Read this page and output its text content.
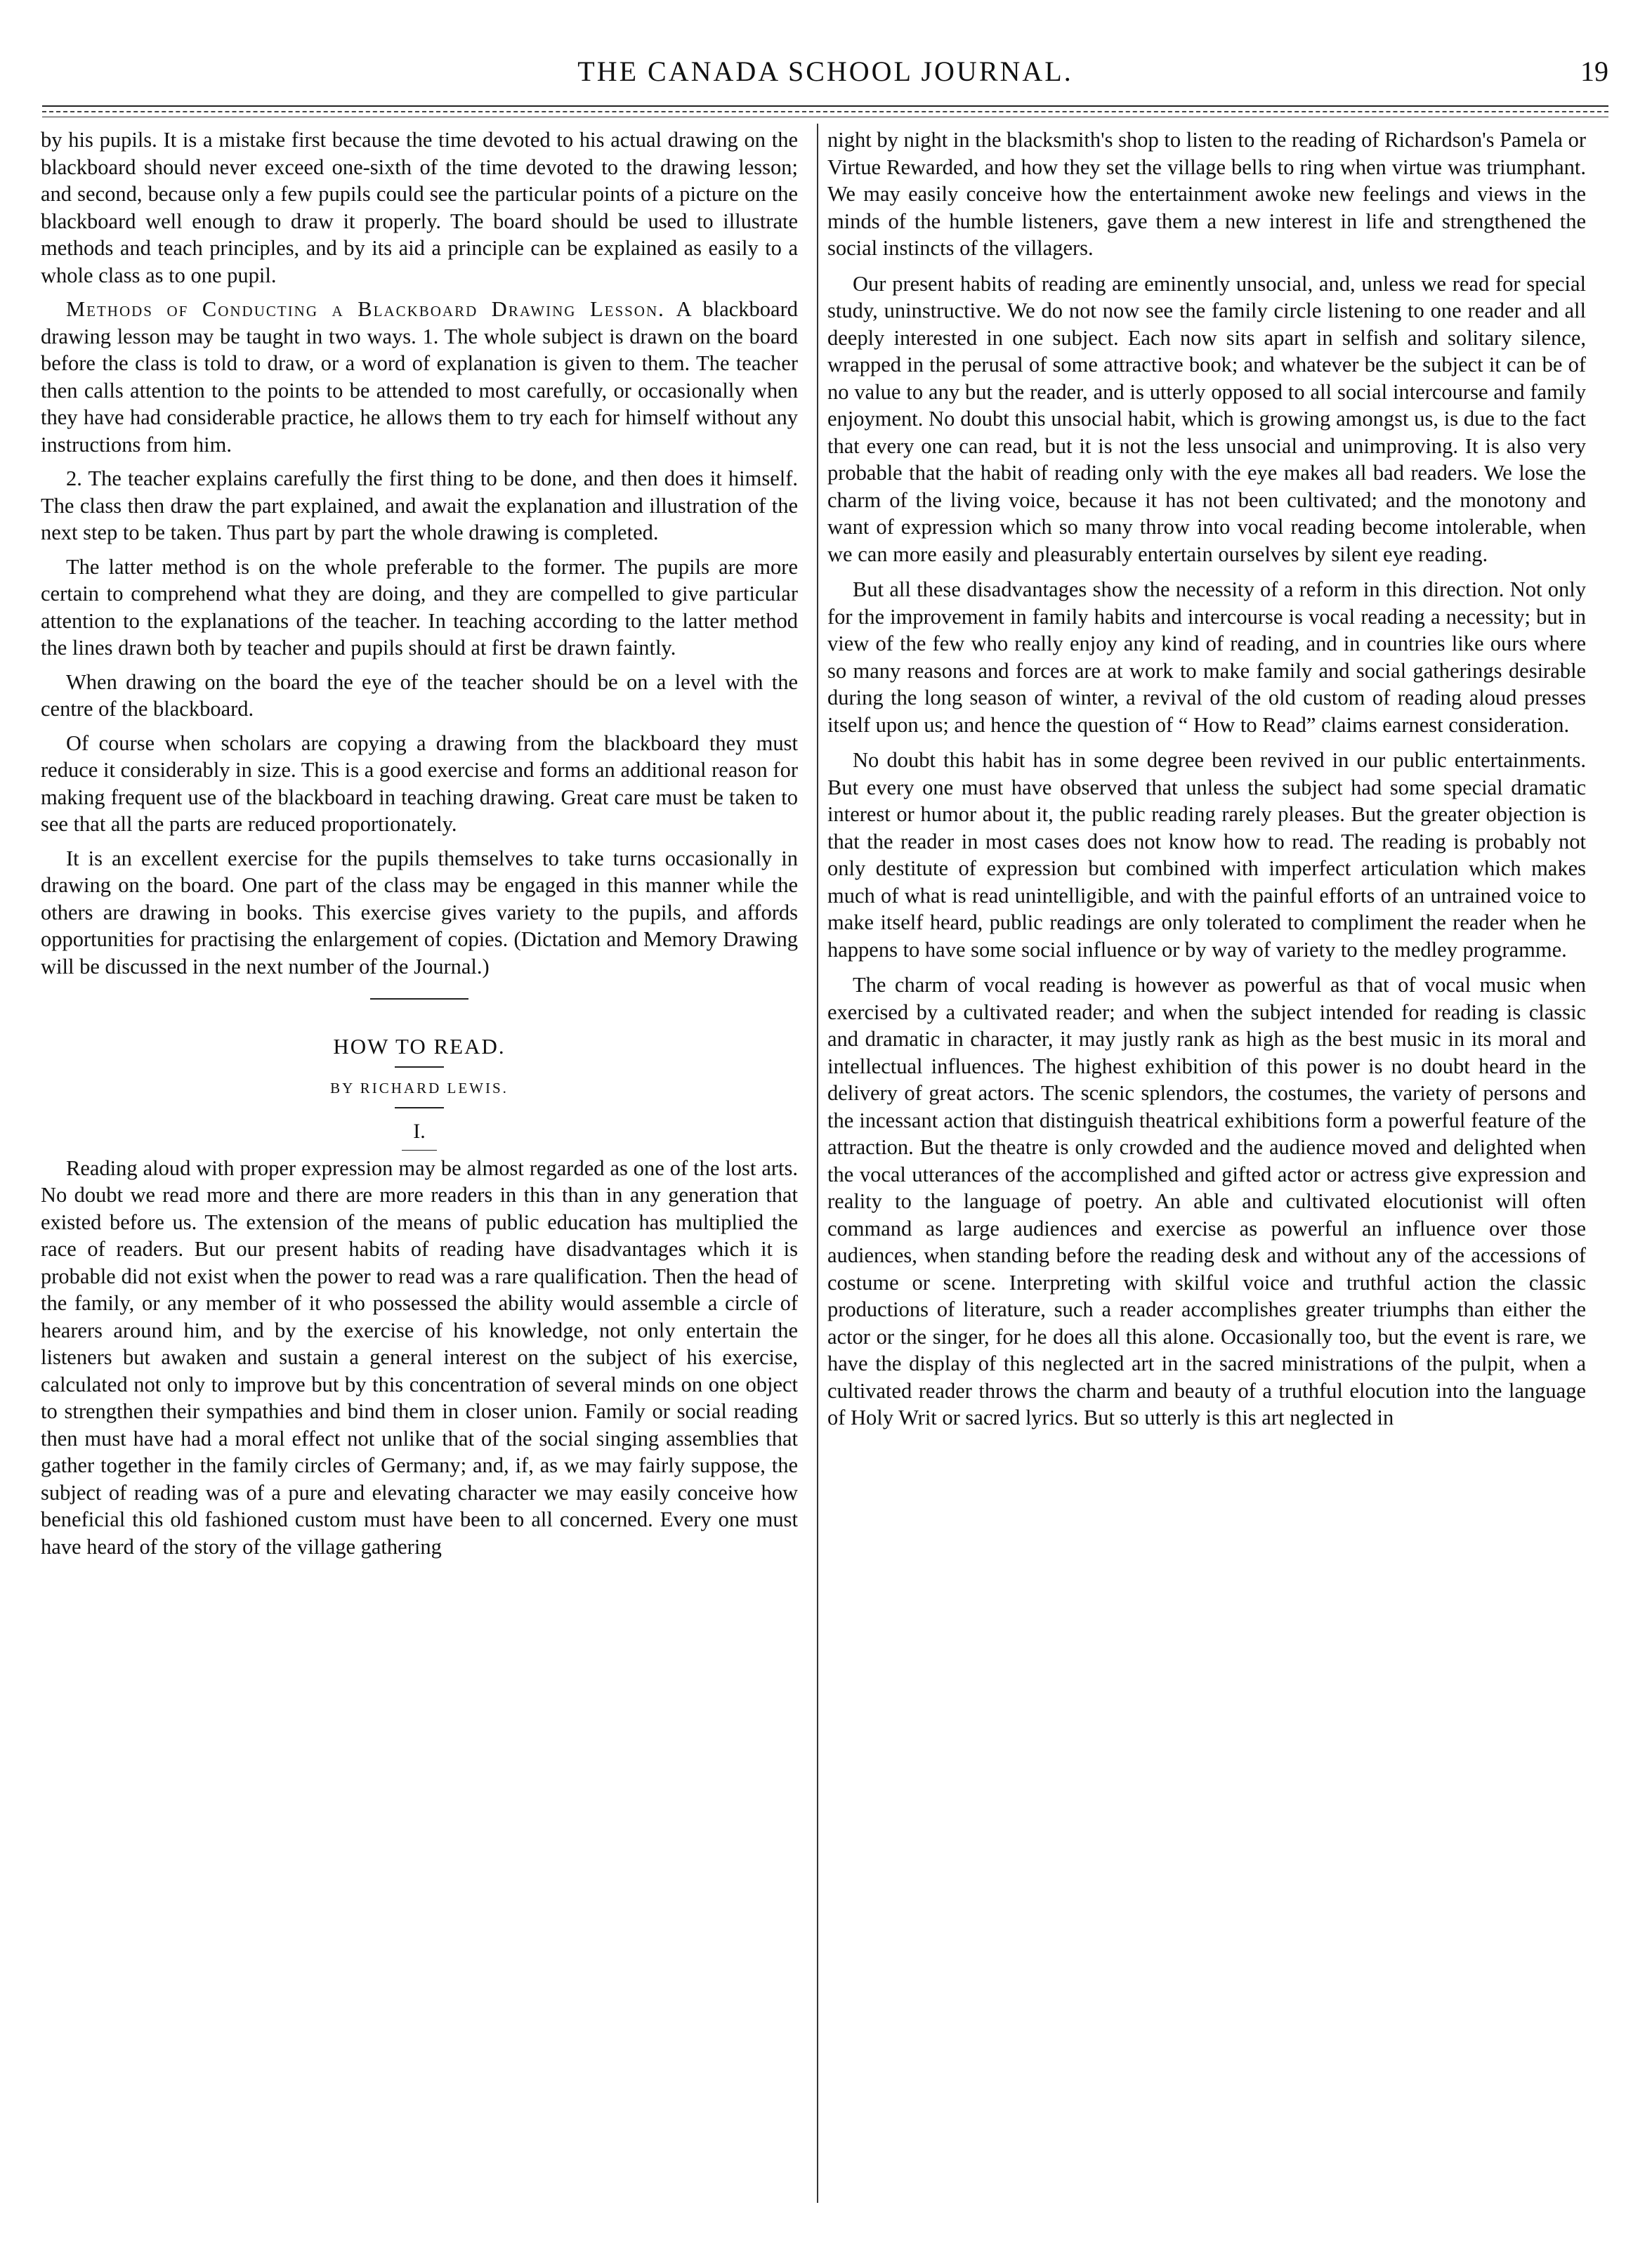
THE CANADA SCHOOL JOURNAL.	19

by his pupils. It is a mistake first because the time devoted to his actual drawing on the blackboard should never exceed one-sixth of the time devoted to the drawing lesson; and second, because only a few pupils could see the particular points of a picture on the blackboard well enough to draw it properly. The board should be used to illustrate methods and teach principles, and by its aid a principle can be explained as easily to a whole class as to one pupil.

Methods of Conducting a Blackboard Drawing Lesson. A blackboard drawing lesson may be taught in two ways. 1. The whole subject is drawn on the board before the class is told to draw, or a word of explanation is given to them. The teacher then calls attention to the points to be attended to most carefully, or occasionally when they have had considerable practice, he allows them to try each for himself without any instructions from him.

2. The teacher explains carefully the first thing to be done, and then does it himself. The class then draw the part explained, and await the explanation and illustration of the next step to be taken. Thus part by part the whole drawing is completed.

The latter method is on the whole preferable to the former. The pupils are more certain to comprehend what they are doing, and they are compelled to give particular attention to the explanations of the teacher. In teaching according to the latter method the lines drawn both by teacher and pupils should at first be drawn faintly.

When drawing on the board the eye of the teacher should be on a level with the centre of the blackboard.

Of course when scholars are copying a drawing from the blackboard they must reduce it considerably in size. This is a good exercise and forms an additional reason for making frequent use of the blackboard in teaching drawing. Great care must be taken to see that all the parts are reduced proportionately.

It is an excellent exercise for the pupils themselves to take turns occasionally in drawing on the board. One part of the class may be engaged in this manner while the others are drawing in books. This exercise gives variety to the pupils, and affords opportunities for practising the enlargement of copies. (Dictation and Memory Drawing will be discussed in the next number of the Journal.)

HOW TO READ.
BY RICHARD LEWIS.
I.

Reading aloud with proper expression may be almost regarded as one of the lost arts. No doubt we read more and there are more readers in this than in any generation that existed before us. The extension of the means of public education has multiplied the race of readers. But our present habits of reading have disadvantages which it is probable did not exist when the power to read was a rare qualification. Then the head of the family, or any member of it who possessed the ability would assemble a circle of hearers around him, and by the exercise of his knowledge, not only entertain the listeners but awaken and sustain a general interest on the subject of his exercise, calculated not only to improve but by this concentration of several minds on one object to strengthen their sympathies and bind them in closer union. Family or social reading then must have had a moral effect not unlike that of the social singing assemblies that gather together in the family circles of Germany; and, if, as we may fairly suppose, the subject of reading was of a pure and elevating character we may easily conceive how beneficial this old fashioned custom must have been to all concerned. Every one must have heard of the story of the village gathering

night by night in the blacksmith's shop to listen to the reading of Richardson's Pamela or Virtue Rewarded, and how they set the village bells to ring when virtue was triumphant. We may easily conceive how the entertainment awoke new feelings and views in the minds of the humble listeners, gave them a new interest in life and strengthened the social instincts of the villagers.

Our present habits of reading are eminently unsocial, and, unless we read for special study, uninstructive. We do not now see the family circle listening to one reader and all deeply interested in one subject. Each now sits apart in selfish and solitary silence, wrapped in the perusal of some attractive book; and whatever be the subject it can be of no value to any but the reader, and is utterly opposed to all social intercourse and family enjoyment. No doubt this unsocial habit, which is growing amongst us, is due to the fact that every one can read, but it is not the less unsocial and unimproving. It is also very probable that the habit of reading only with the eye makes all bad readers. We lose the charm of the living voice, because it has not been cultivated; and the monotony and want of expression which so many throw into vocal reading become intolerable, when we can more easily and pleasurably entertain ourselves by silent eye reading.

But all these disadvantages show the necessity of a reform in this direction. Not only for the improvement in family habits and intercourse is vocal reading a necessity; but in view of the few who really enjoy any kind of reading, and in countries like ours where so many reasons and forces are at work to make family and social gatherings desirable during the long season of winter, a revival of the old custom of reading aloud presses itself upon us; and hence the question of “ How to Read” claims earnest consideration.

No doubt this habit has in some degree been revived in our public entertainments. But every one must have observed that unless the subject had some special dramatic interest or humor about it, the public reading rarely pleases. But the greater objection is that the reader in most cases does not know how to read. The reading is probably not only destitute of expression but combined with imperfect articulation which makes much of what is read unintelligible, and with the painful efforts of an untrained voice to make itself heard, public readings are only tolerated to compliment the reader when he happens to have some social influence or by way of variety to the medley programme.

The charm of vocal reading is however as powerful as that of vocal music when exercised by a cultivated reader; and when the subject intended for reading is classic and dramatic in character, it may justly rank as high as the best music in its moral and intellectual influences. The highest exhibition of this power is no doubt heard in the delivery of great actors. The scenic splendors, the costumes, the variety of persons and the incessant action that distinguish theatrical exhibitions form a powerful feature of the attraction. But the theatre is only crowded and the audience moved and delighted when the vocal utterances of the accomplished and gifted actor or actress give expression and reality to the language of poetry. An able and cultivated elocutionist will often command as large audiences and exercise as powerful an influence over those audiences, when standing before the reading desk and without any of the accessions of costume or scene. Interpreting with skilful voice and truthful action the classic productions of literature, such a reader accomplishes greater triumphs than either the actor or the singer, for he does all this alone. Occasionally too, but the event is rare, we have the display of this neglected art in the sacred ministrations of the pulpit, when a cultivated reader throws the charm and beauty of a truthful elocution into the language of Holy Writ or sacred lyrics. But so utterly is this art neglected in
